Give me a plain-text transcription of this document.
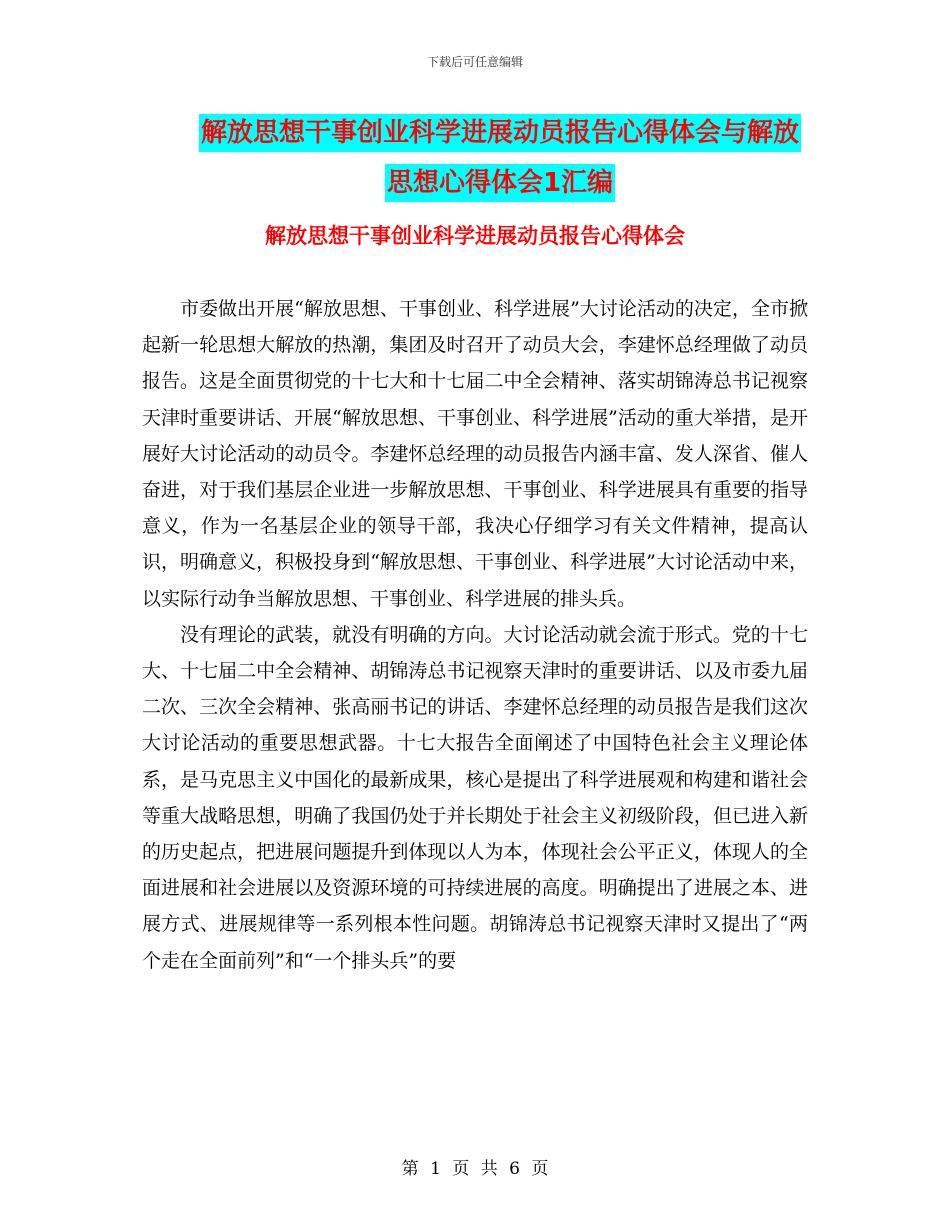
下载后可任意编辑
解放思想干事创业科学进展动员报告心得体会与解放
思想心得体会1汇编
解放思想干事创业科学进展动员报告心得体会

市委做出开展“解放思想、干事创业、科学进展”大讨论活动的决定，全市掀起新一轮思想大解放的热潮，集团及时召开了动员大会，李建怀总经理做了动员报告。这是全面贯彻党的十七大和十七届二中全会精神、落实胡锦涛总书记视察天津时重要讲话、开展“解放思想、干事创业、科学进展”活动的重大举措，是开展好大讨论活动的动员令。李建怀总经理的动员报告内涵丰富、发人深省、催人奋进，对于我们基层企业进一步解放思想、干事创业、科学进展具有重要的指导意义，作为一名基层企业的领导干部，我决心仔细学习有关文件精神，提高认识，明确意义，积极投身到“解放思想、干事创业、科学进展”大讨论活动中来，以实际行动争当解放思想、干事创业、科学进展的排头兵。

没有理论的武装，就没有明确的方向。大讨论活动就会流于形式。党的十七大、十七届二中全会精神、胡锦涛总书记视察天津时的重要讲话、以及市委九届二次、三次全会精神、张高丽书记的讲话、李建怀总经理的动员报告是我们这次大讨论活动的重要思想武器。十七大报告全面阐述了中国特色社会主义理论体系，是马克思主义中国化的最新成果，核心是提出了科学进展观和构建和谐社会等重大战略思想，明确了我国仍处于并长期处于社会主义初级阶段，但已进入新的历史起点，把进展问题提升到体现以人为本，体现社会公平正义，体现人的全面进展和社会进展以及资源环境的可持续进展的高度。明确提出了进展之本、进展方式、进展规律等一系列根本性问题。胡锦涛总书记视察天津时又提出了“两个走在全面前列”和“一个排头兵”的要

第 1 页 共 6 页
